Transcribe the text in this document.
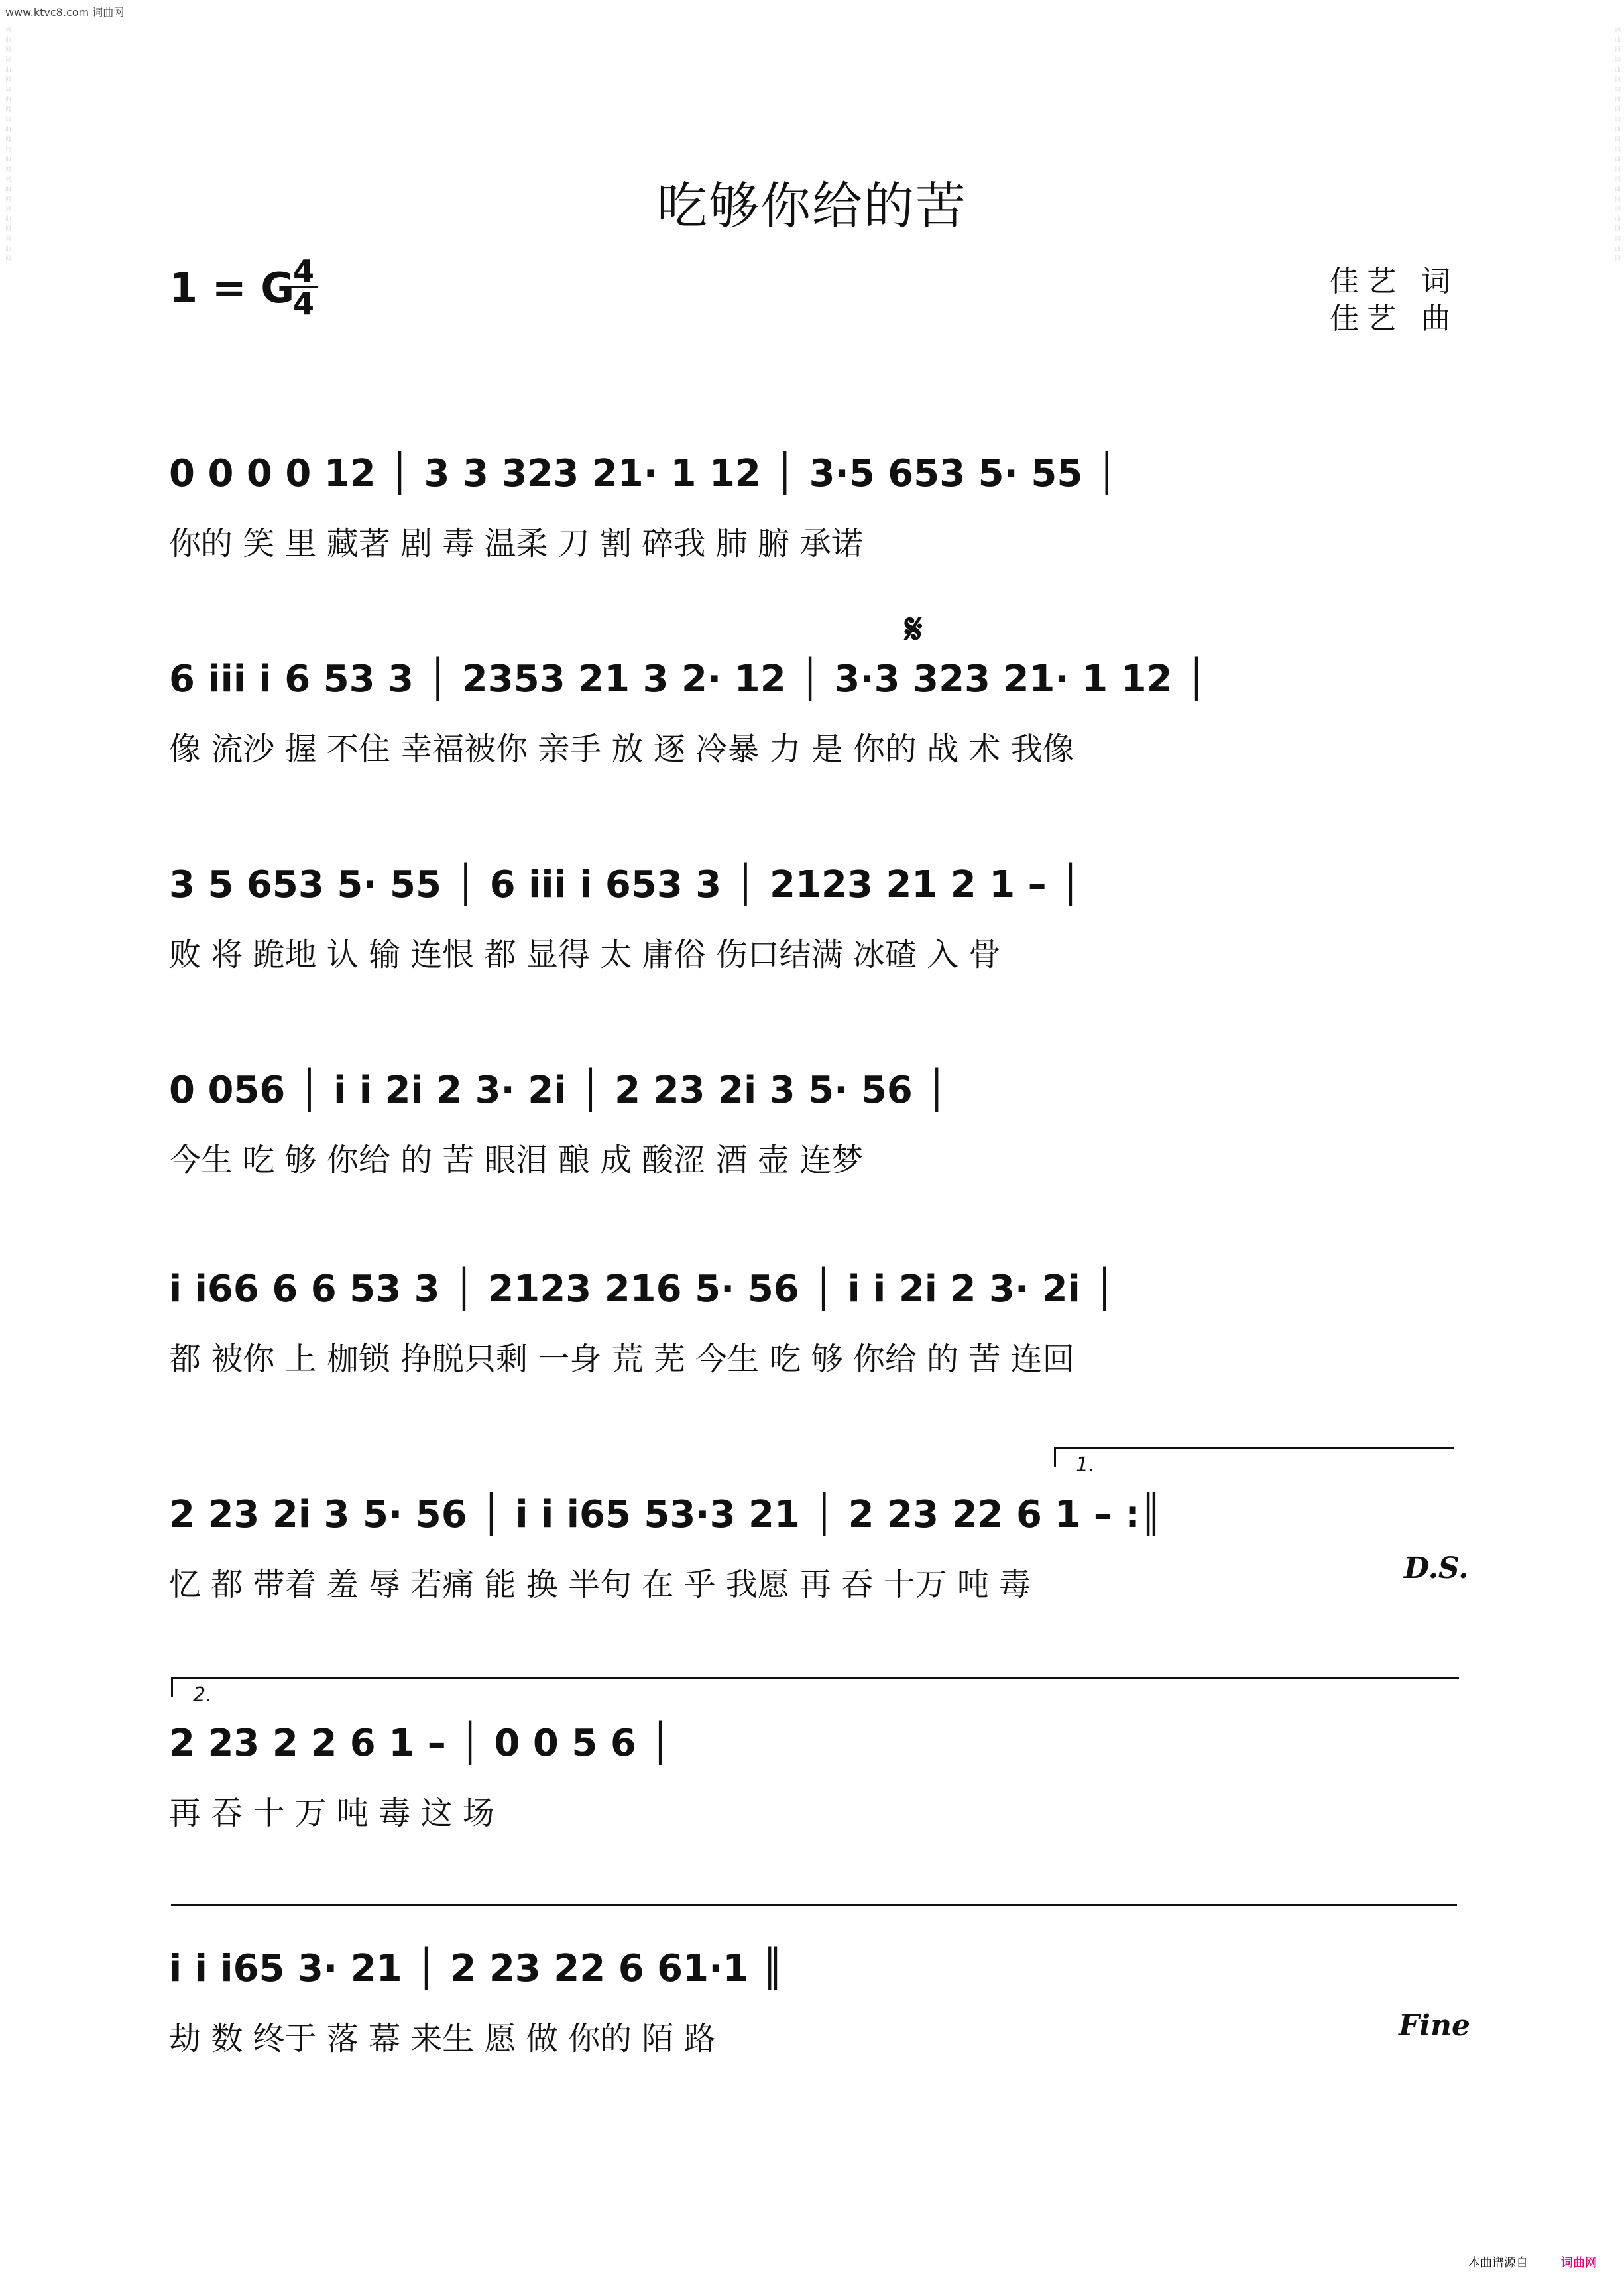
www.ktvc8.com 词曲网
词曲网词曲网词曲网词曲网词曲网词曲网词曲网词曲网	词曲网词曲网词曲网词曲网词曲网词曲网词曲网词曲网
吃够你给的苦
1 = G
4
4
佳艺 词
佳艺 曲
0 0 0 0 12 │ 3 3 323 21· 1 12 │ 3·5 653 5· 55 │
你的 笑 里 藏著 剧 毒 温柔 刀 割 碎我 肺 腑 承诺
𝄋
6 iii i 6 53 3 │ 2353 21 3 2· 12 │ 3·3 323 21· 1 12 │
像 流沙 握 不住 幸福被你 亲手 放 逐 冷暴 力 是 你的 战 术 我像
3 5 653 5· 55 │ 6 iii i 653 3 │ 2123 21 2 1 – │
败 将 跪地 认 输 连恨 都 显得 太 庸俗 伤口结满 冰碴 入 骨
0 056 │ i i 2i 2 3· 2i │ 2 23 2i 3 5· 56 │
今生 吃 够 你给 的 苦 眼泪 酿 成 酸涩 酒 壶 连梦
i i66 6 6 53 3 │ 2123 216 5· 56 │ i i 2i 2 3· 2i │
都 被你 上 枷锁 挣脱只剩 一身 荒 芜 今生 吃 够 你给 的 苦 连回
1.
2 23 2i 3 5· 56 │ i i i65 53·3 21 │ 2 23 22 6 1 – :║
忆 都 带着 羞 辱 若痛 能 换 半句 在 乎 我愿 再 吞 十万 吨 毒	D.S.
2.
2 23 2 2 6 1 – │ 0 0 5 6 │
再 吞 十 万 吨 毒 这 场
i i i65 3· 21 │ 2 23 22 6 61·1 ║
劫 数 终于 落 幕 来生 愿 做 你的 陌 路	Fine
本曲谱源自	词曲网
